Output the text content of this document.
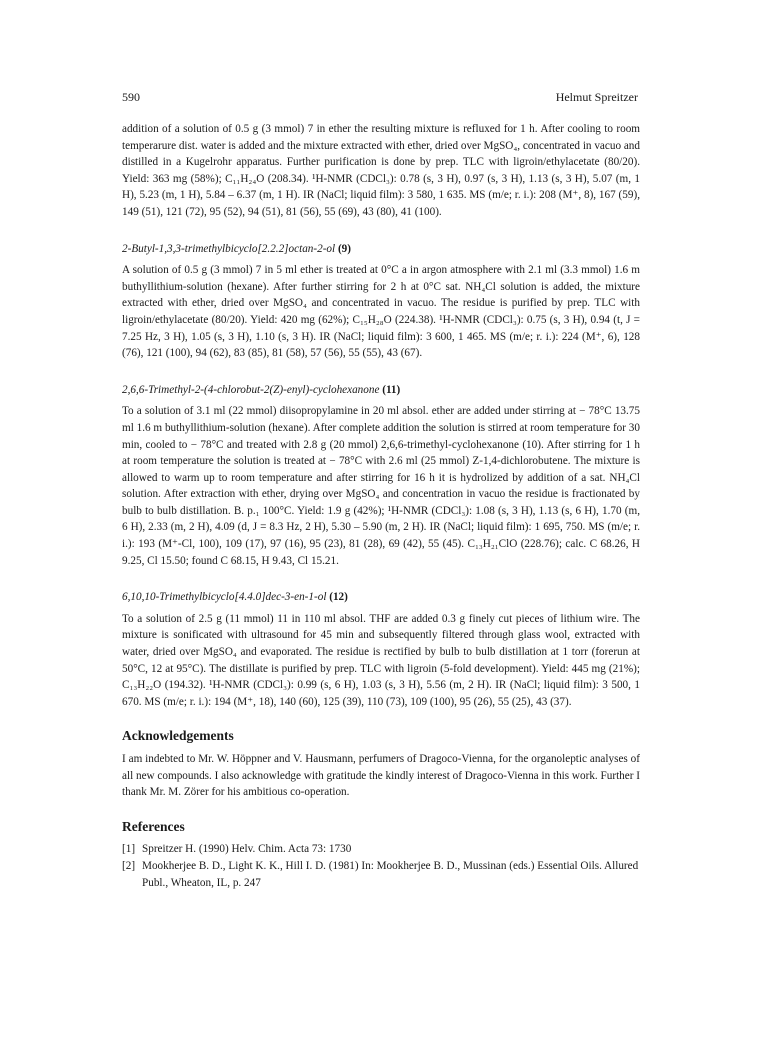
590	Helmut Spreitzer

addition of a solution of 0.5 g (3 mmol) 7 in ether the resulting mixture is refluxed for 1 h. After cooling to room temperarure dist. water is added and the mixture extracted with ether, dried over MgSO₄, concentrated in vacuo and distilled in a Kugelrohr apparatus. Further purification is done by prep. TLC with ligroin/ethylacetate (80/20). Yield: 363 mg (58%); C₁₁H₂₄O (208.34). ¹H-NMR (CDCl₃): 0.78 (s, 3 H), 0.97 (s, 3 H), 1.13 (s, 3 H), 5.07 (m, 1 H), 5.23 (m, 1 H), 5.84 – 6.37 (m, 1 H). IR (NaCl; liquid film): 3 580, 1 635. MS (m/e; r. i.): 208 (M⁺, 8), 167 (59), 149 (51), 121 (72), 95 (52), 94 (51), 81 (56), 55 (69), 43 (80), 41 (100).

2-Butyl-1,3,3-trimethylbicyclo[2.2.2]octan-2-ol (9)

A solution of 0.5 g (3 mmol) 7 in 5 ml ether is treated at 0°C a in argon atmosphere with 2.1 ml (3.3 mmol) 1.6 m buthyllithium-solution (hexane). After further stirring for 2 h at 0°C sat. NH₄Cl solution is added, the mixture extracted with ether, dried over MgSO₄ and concentrated in vacuo. The residue is purified by prep. TLC with ligroin/ethylacetate (80/20). Yield: 420 mg (62%); C₁₅H₂₈O (224.38). ¹H-NMR (CDCl₃): 0.75 (s, 3 H), 0.94 (t, J = 7.25 Hz, 3 H), 1.05 (s, 3 H), 1.10 (s, 3 H). IR (NaCl; liquid film): 3 600, 1 465. MS (m/e; r. i.): 224 (M⁺, 6), 128 (76), 121 (100), 94 (62), 83 (85), 81 (58), 57 (56), 55 (55), 43 (67).

2,6,6-Trimethyl-2-(4-chlorobut-2(Z)-enyl)-cyclohexanone (11)

To a solution of 3.1 ml (22 mmol) diisopropylamine in 20 ml absol. ether are added under stirring at − 78°C 13.75 ml 1.6 m buthyllithium-solution (hexane). After complete addition the solution is stirred at room temperature for 30 min, cooled to − 78°C and treated with 2.8 g (20 mmol) 2,6,6-trimethyl-cyclohexanone (10). After stirring for 1 h at room temperature the solution is treated at − 78°C with 2.6 ml (25 mmol) Z-1,4-dichlorobutene. The mixture is allowed to warm up to room temperature and after stirring for 16 h it is hydrolized by addition of a sat. NH₄Cl solution. After extraction with ether, drying over MgSO₄ and concentration in vacuo the residue is fractionated by bulb to bulb distillation. B. p.₁ 100°C. Yield: 1.9 g (42%); ¹H-NMR (CDCl₃): 1.08 (s, 3 H), 1.13 (s, 6 H), 1.70 (m, 6 H), 2.33 (m, 2 H), 4.09 (d, J = 8.3 Hz, 2 H), 5.30 – 5.90 (m, 2 H). IR (NaCl; liquid film): 1 695, 750. MS (m/e; r. i.): 193 (M⁺-Cl, 100), 109 (17), 97 (16), 95 (23), 81 (28), 69 (42), 55 (45). C₁₃H₂₁ClO (228.76); calc. C 68.26, H 9.25, Cl 15.50; found C 68.15, H 9.43, Cl 15.21.

6,10,10-Trimethylbicyclo[4.4.0]dec-3-en-1-ol (12)

To a solution of 2.5 g (11 mmol) 11 in 110 ml absol. THF are added 0.3 g finely cut pieces of lithium wire. The mixture is sonificated with ultrasound for 45 min and subsequently filtered through glass wool, extracted with water, dried over MgSO₄ and evaporated. The residue is rectified by bulb to bulb distillation at 1 torr (forerun at 50°C, 12 at 95°C). The distillate is purified by prep. TLC with ligroin (5-fold development). Yield: 445 mg (21%); C₁₃H₂₂O (194.32). ¹H-NMR (CDCl₃): 0.99 (s, 6 H), 1.03 (s, 3 H), 5.56 (m, 2 H). IR (NaCl; liquid film): 3 500, 1 670. MS (m/e; r. i.): 194 (M⁺, 18), 140 (60), 125 (39), 110 (73), 109 (100), 95 (26), 55 (25), 43 (37).

Acknowledgements

I am indebted to Mr. W. Höppner and V. Hausmann, perfumers of Dragoco-Vienna, for the organoleptic analyses of all new compounds. I also acknowledge with gratitude the kindly interest of Dragoco-Vienna in this work. Further I thank Mr. M. Zörer for his ambitious co-operation.

References
[1] Spreitzer H. (1990) Helv. Chim. Acta 73: 1730
[2] Mookherjee B. D., Light K. K., Hill I. D. (1981) In: Mookherjee B. D., Mussinan (eds.) Essential Oils. Allured Publ., Wheaton, IL, p. 247
